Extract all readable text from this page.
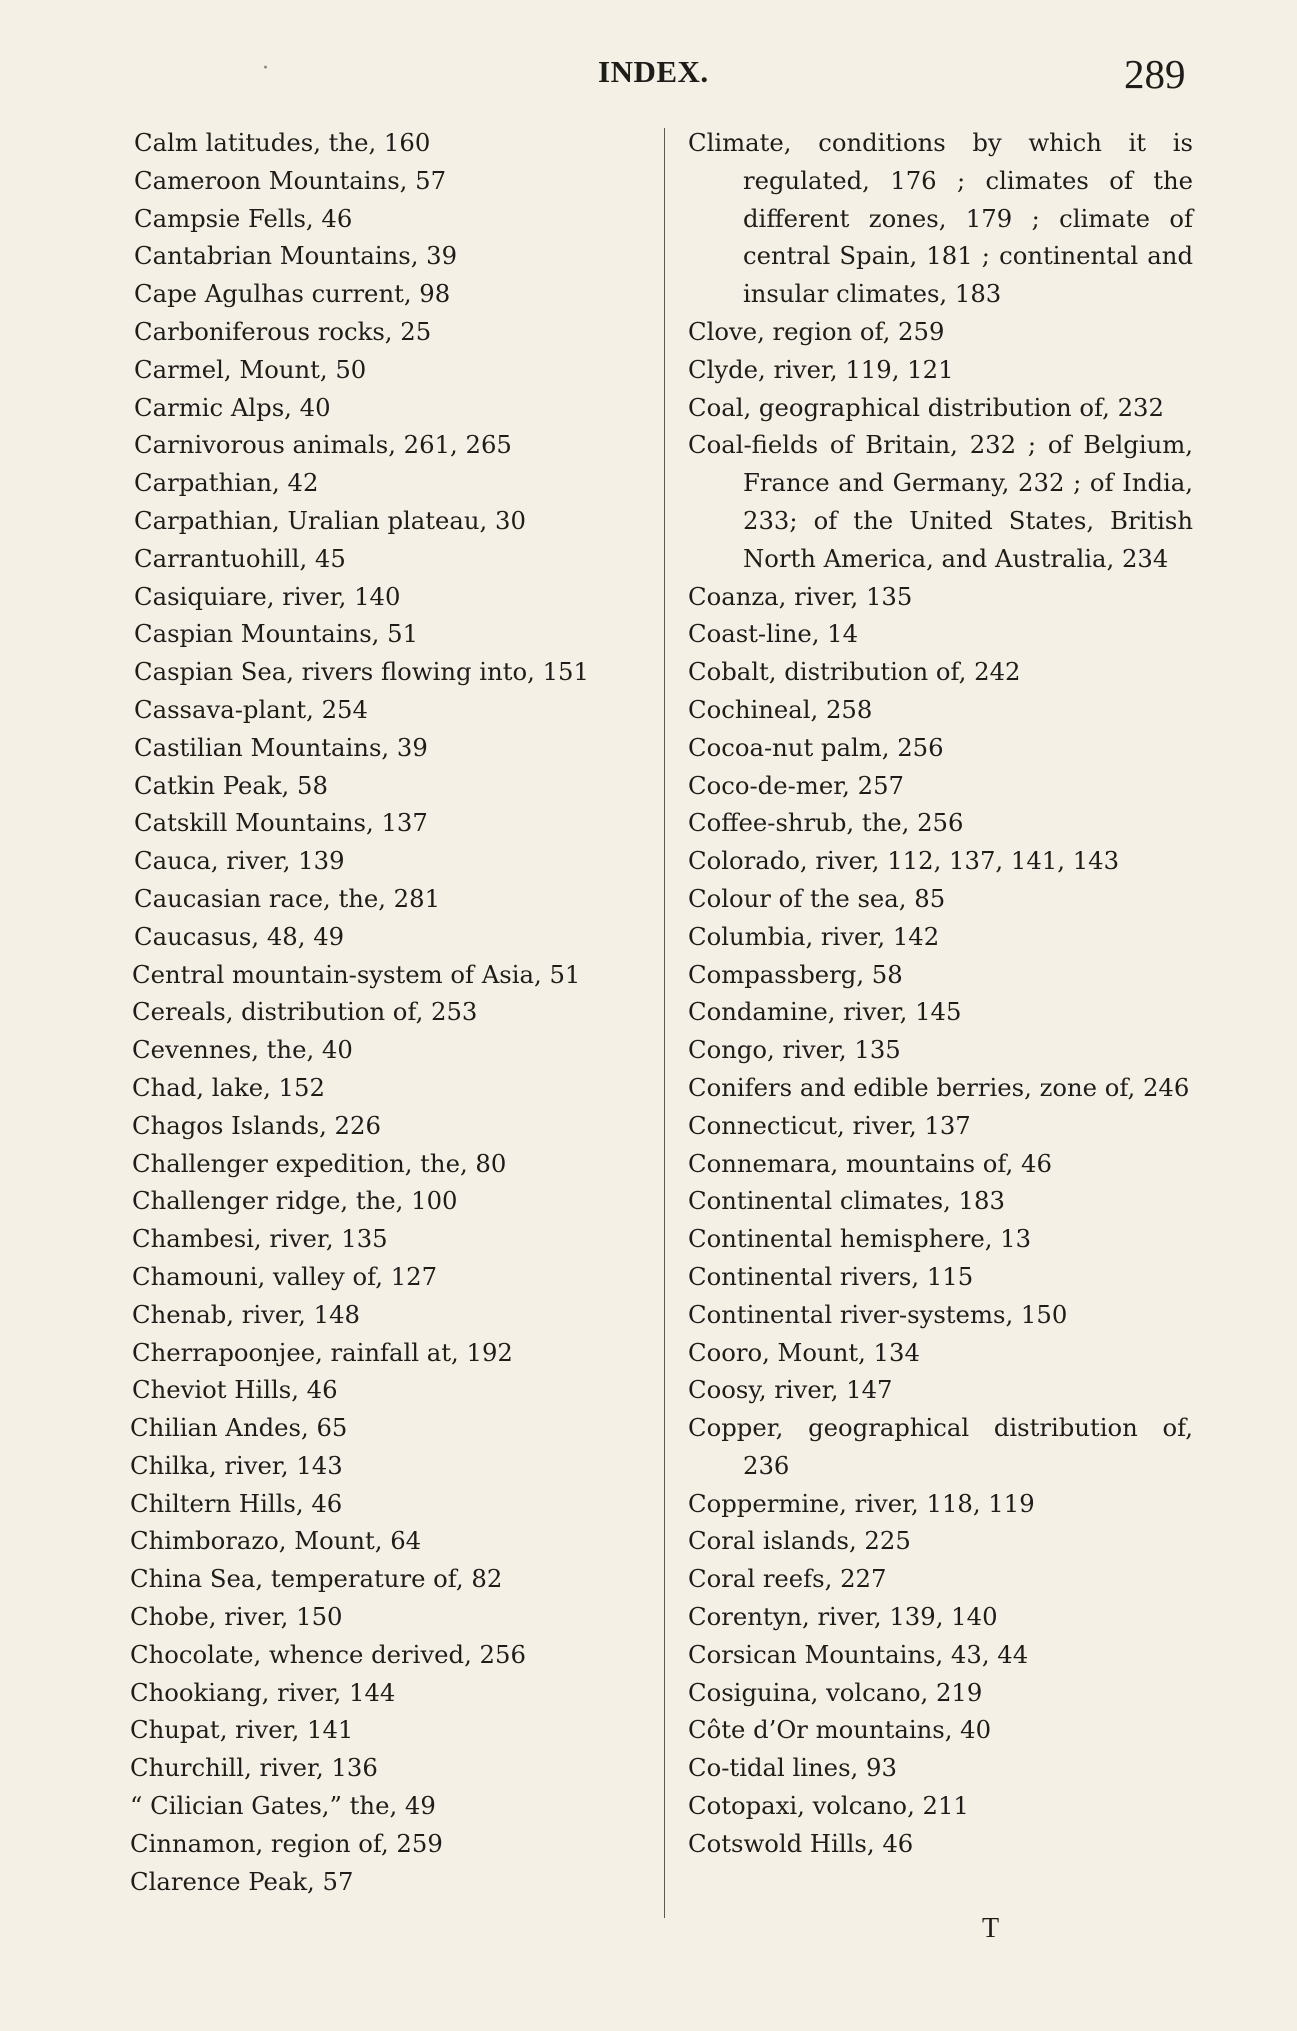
·	INDEX.	289
Calm latitudes, the, 160
Cameroon Mountains, 57
Campsie Fells, 46
Cantabrian Mountains, 39
Cape Agulhas current, 98
Carboniferous rocks, 25
Carmel, Mount, 50
Carmic Alps, 40
Carnivorous animals, 261, 265
Carpathian, 42
Carpathian, Uralian plateau, 30
Carrantuohill, 45
Casiquiare, river, 140
Caspian Mountains, 51
Caspian Sea, rivers flowing into, 151
Cassava-plant, 254
Castilian Mountains, 39
Catkin Peak, 58
Catskill Mountains, 137
Cauca, river, 139
Caucasian race, the, 281
Caucasus, 48, 49
Central mountain-system of Asia, 51
Cereals, distribution of, 253
Cevennes, the, 40
Chad, lake, 152
Chagos Islands, 226
Challenger expedition, the, 80
Challenger ridge, the, 100
Chambesi, river, 135
Chamouni, valley of, 127
Chenab, river, 148
Cherrapoonjee, rainfall at, 192
Cheviot Hills, 46
Chilian Andes, 65
Chilka, river, 143
Chiltern Hills, 46
Chimborazo, Mount, 64
China Sea, temperature of, 82
Chobe, river, 150
Chocolate, whence derived, 256
Chookiang, river, 144
Chupat, river, 141
Churchill, river, 136
“ Cilician Gates,” the, 49
Cinnamon, region of, 259
Clarence Peak, 57
Climate, conditions by which it is regulated, 176 ; climates of the different zones, 179 ; climate of central Spain, 181 ; continental and insular climates, 183
Clove, region of, 259
Clyde, river, 119, 121
Coal, geographical distribution of, 232
Coal-fields of Britain, 232 ; of Belgium, France and Germany, 232 ; of India, 233; of the United States, British North America, and Australia, 234
Coanza, river, 135
Coast-line, 14
Cobalt, distribution of, 242
Cochineal, 258
Cocoa-nut palm, 256
Coco-de-mer, 257
Coffee-shrub, the, 256
Colorado, river, 112, 137, 141, 143
Colour of the sea, 85
Columbia, river, 142
Compassberg, 58
Condamine, river, 145
Congo, river, 135
Conifers and edible berries, zone of, 246
Connecticut, river, 137
Connemara, mountains of, 46
Continental climates, 183
Continental hemisphere, 13
Continental rivers, 115
Continental river-systems, 150
Cooro, Mount, 134
Coosy, river, 147
Copper, geographical distribution of, 236
Coppermine, river, 118, 119
Coral islands, 225
Coral reefs, 227
Corentyn, river, 139, 140
Corsican Mountains, 43, 44
Cosiguina, volcano, 219
Côte d’Or mountains, 40
Co-tidal lines, 93
Cotopaxi, volcano, 211
Cotswold Hills, 46
T
